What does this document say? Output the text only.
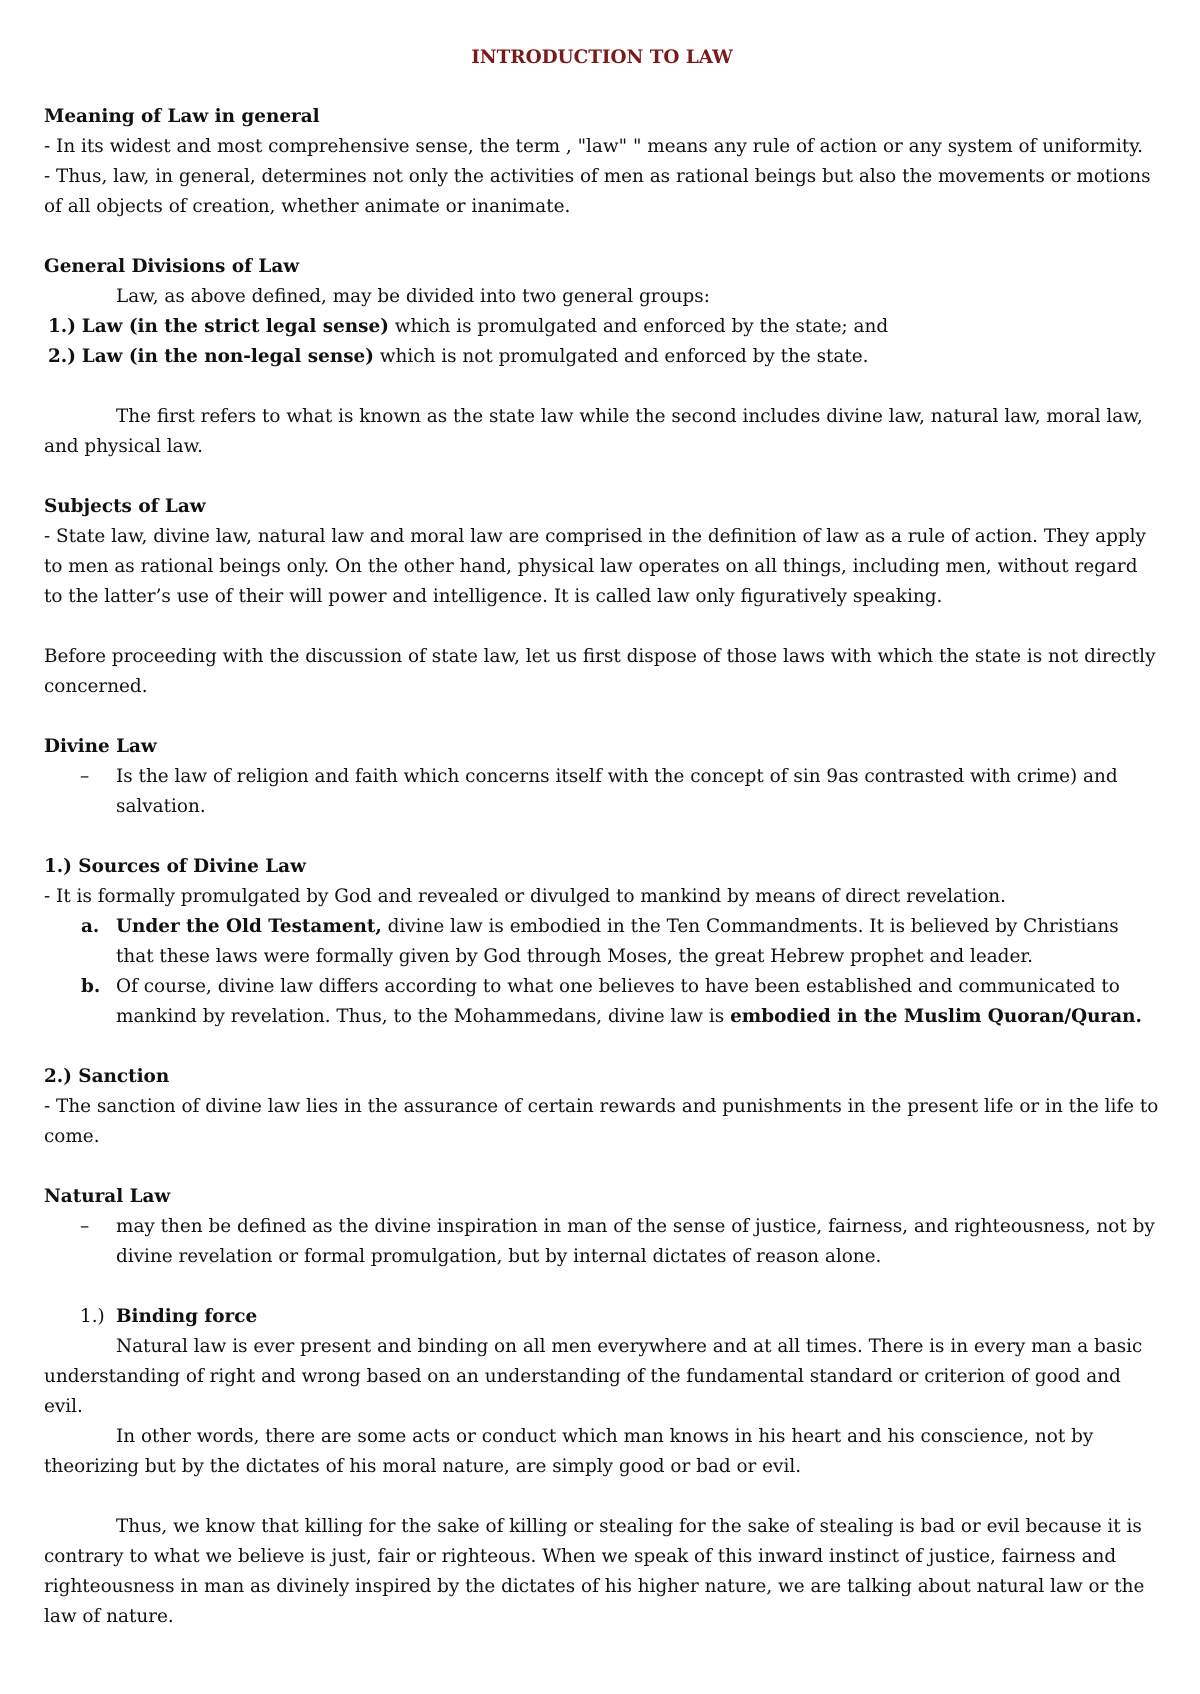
INTRODUCTION TO LAW

Meaning of Law in general

- In its widest and most comprehensive sense, the term , "law" " means any rule of action or any system of uniformity.

- Thus, law, in general, determines not only the activities of men as rational beings but also the movements or motions of all objects of creation, whether animate or inanimate.

General Divisions of Law

Law, as above defined, may be divided into two general groups:

1.) Law (in the strict legal sense) which is promulgated and enforced by the state; and

2.) Law (in the non-legal sense) which is not promulgated and enforced by the state.

The first refers to what is known as the state law while the second includes divine law, natural law, moral law, and physical law.

Subjects of Law

- State law, divine law, natural law and moral law are comprised in the definition of law as a rule of action. They apply to men as rational beings only. On the other hand, physical law operates on all things, including men, without regard to the latter’s use of their will power and intelligence. It is called law only figuratively speaking.

Before proceeding with the discussion of state law, let us first dispose of those laws with which the state is not directly concerned.

Divine Law

– Is the law of religion and faith which concerns itself with the concept of sin 9as contrasted with crime) and salvation.

1.) Sources of Divine Law

- It is formally promulgated by God and revealed or divulged to mankind by means of direct revelation.

a. Under the Old Testament, divine law is embodied in the Ten Commandments. It is believed by Christians that these laws were formally given by God through Moses, the great Hebrew prophet and leader.

b. Of course, divine law differs according to what one believes to have been established and communicated to mankind by revelation. Thus, to the Mohammedans, divine law is embodied in the Muslim Quoran/Quran.

2.) Sanction

- The sanction of divine law lies in the assurance of certain rewards and punishments in the present life or in the life to come.

Natural Law

– may then be defined as the divine inspiration in man of the sense of justice, fairness, and righteousness, not by divine revelation or formal promulgation, but by internal dictates of reason alone.

1.) Binding force

Natural law is ever present and binding on all men everywhere and at all times. There is in every man a basic understanding of right and wrong based on an understanding of the fundamental standard or criterion of good and evil.

In other words, there are some acts or conduct which man knows in his heart and his conscience, not by theorizing but by the dictates of his moral nature, are simply good or bad or evil.

Thus, we know that killing for the sake of killing or stealing for the sake of stealing is bad or evil because it is contrary to what we believe is just, fair or righteous. When we speak of this inward instinct of justice, fairness and righteousness in man as divinely inspired by the dictates of his higher nature, we are talking about natural law or the law of nature.
